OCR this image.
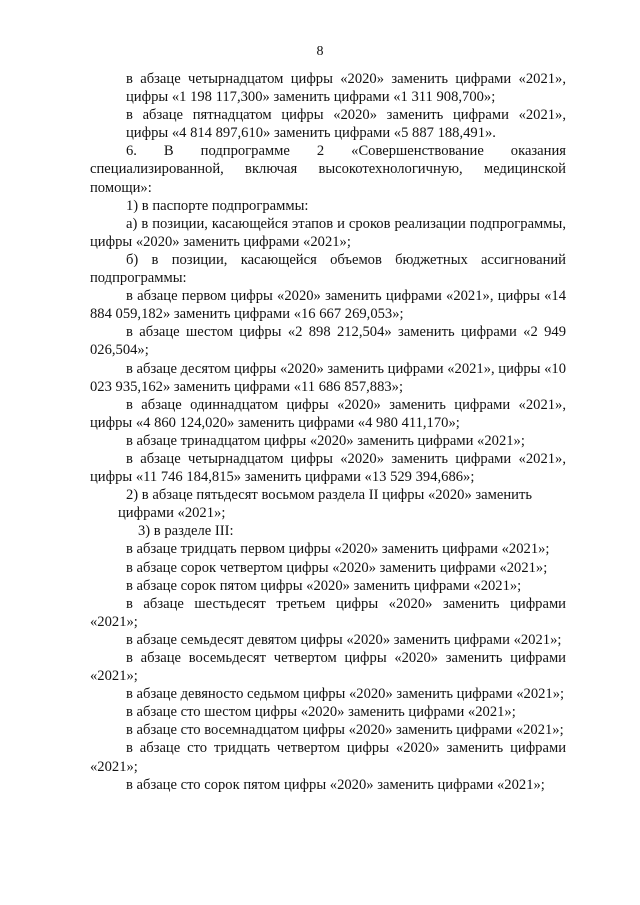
8

в абзаце четырнадцатом цифры «2020» заменить цифрами «2021»,

цифры «1 198 117,300» заменить цифрами «1 311 908,700»;

в абзаце пятнадцатом цифры «2020» заменить цифрами «2021»,

цифры «4 814 897,610» заменить цифрами «5 887 188,491».

6. В подпрограмме 2 «Совершенствование оказания специализированной, включая высокотехнологичную, медицинской помощи»:

1) в паспорте подпрограммы:

а) в позиции, касающейся этапов и сроков реализации подпрограммы, цифры «2020» заменить цифрами «2021»;

б) в позиции, касающейся объемов бюджетных ассигнований подпрограммы:

в абзаце первом цифры «2020» заменить цифрами «2021», цифры «14 884 059,182» заменить цифрами «16 667 269,053»;

в абзаце шестом цифры «2 898 212,504» заменить цифрами «2 949 026,504»;

в абзаце десятом цифры «2020» заменить цифрами «2021», цифры «10 023 935,162» заменить цифрами «11 686 857,883»;

в абзаце одиннадцатом цифры «2020» заменить цифрами «2021», цифры «4 860 124,020» заменить цифрами «4 980 411,170»;

в абзаце тринадцатом цифры «2020» заменить цифрами «2021»;

в абзаце четырнадцатом цифры «2020» заменить цифрами «2021», цифры «11 746 184,815» заменить цифрами «13 529 394,686»;

2) в абзаце пятьдесят восьмом раздела II цифры «2020» заменить

цифрами «2021»;

3) в разделе III:

в абзаце тридцать первом цифры «2020» заменить цифрами «2021»;

в абзаце сорок четвертом цифры «2020» заменить цифрами «2021»;

в абзаце сорок пятом цифры «2020» заменить цифрами «2021»;

в абзаце шестьдесят третьем цифры «2020» заменить цифрами «2021»;

в абзаце семьдесят девятом цифры «2020» заменить цифрами «2021»;

в абзаце восемьдесят четвертом цифры «2020» заменить цифрами «2021»;

в абзаце девяносто седьмом цифры «2020» заменить цифрами «2021»;

в абзаце сто шестом цифры «2020» заменить цифрами «2021»;

в абзаце сто восемнадцатом цифры «2020» заменить цифрами «2021»;

в абзаце сто тридцать четвертом цифры «2020» заменить цифрами «2021»;

в абзаце сто сорок пятом цифры «2020» заменить цифрами «2021»;
